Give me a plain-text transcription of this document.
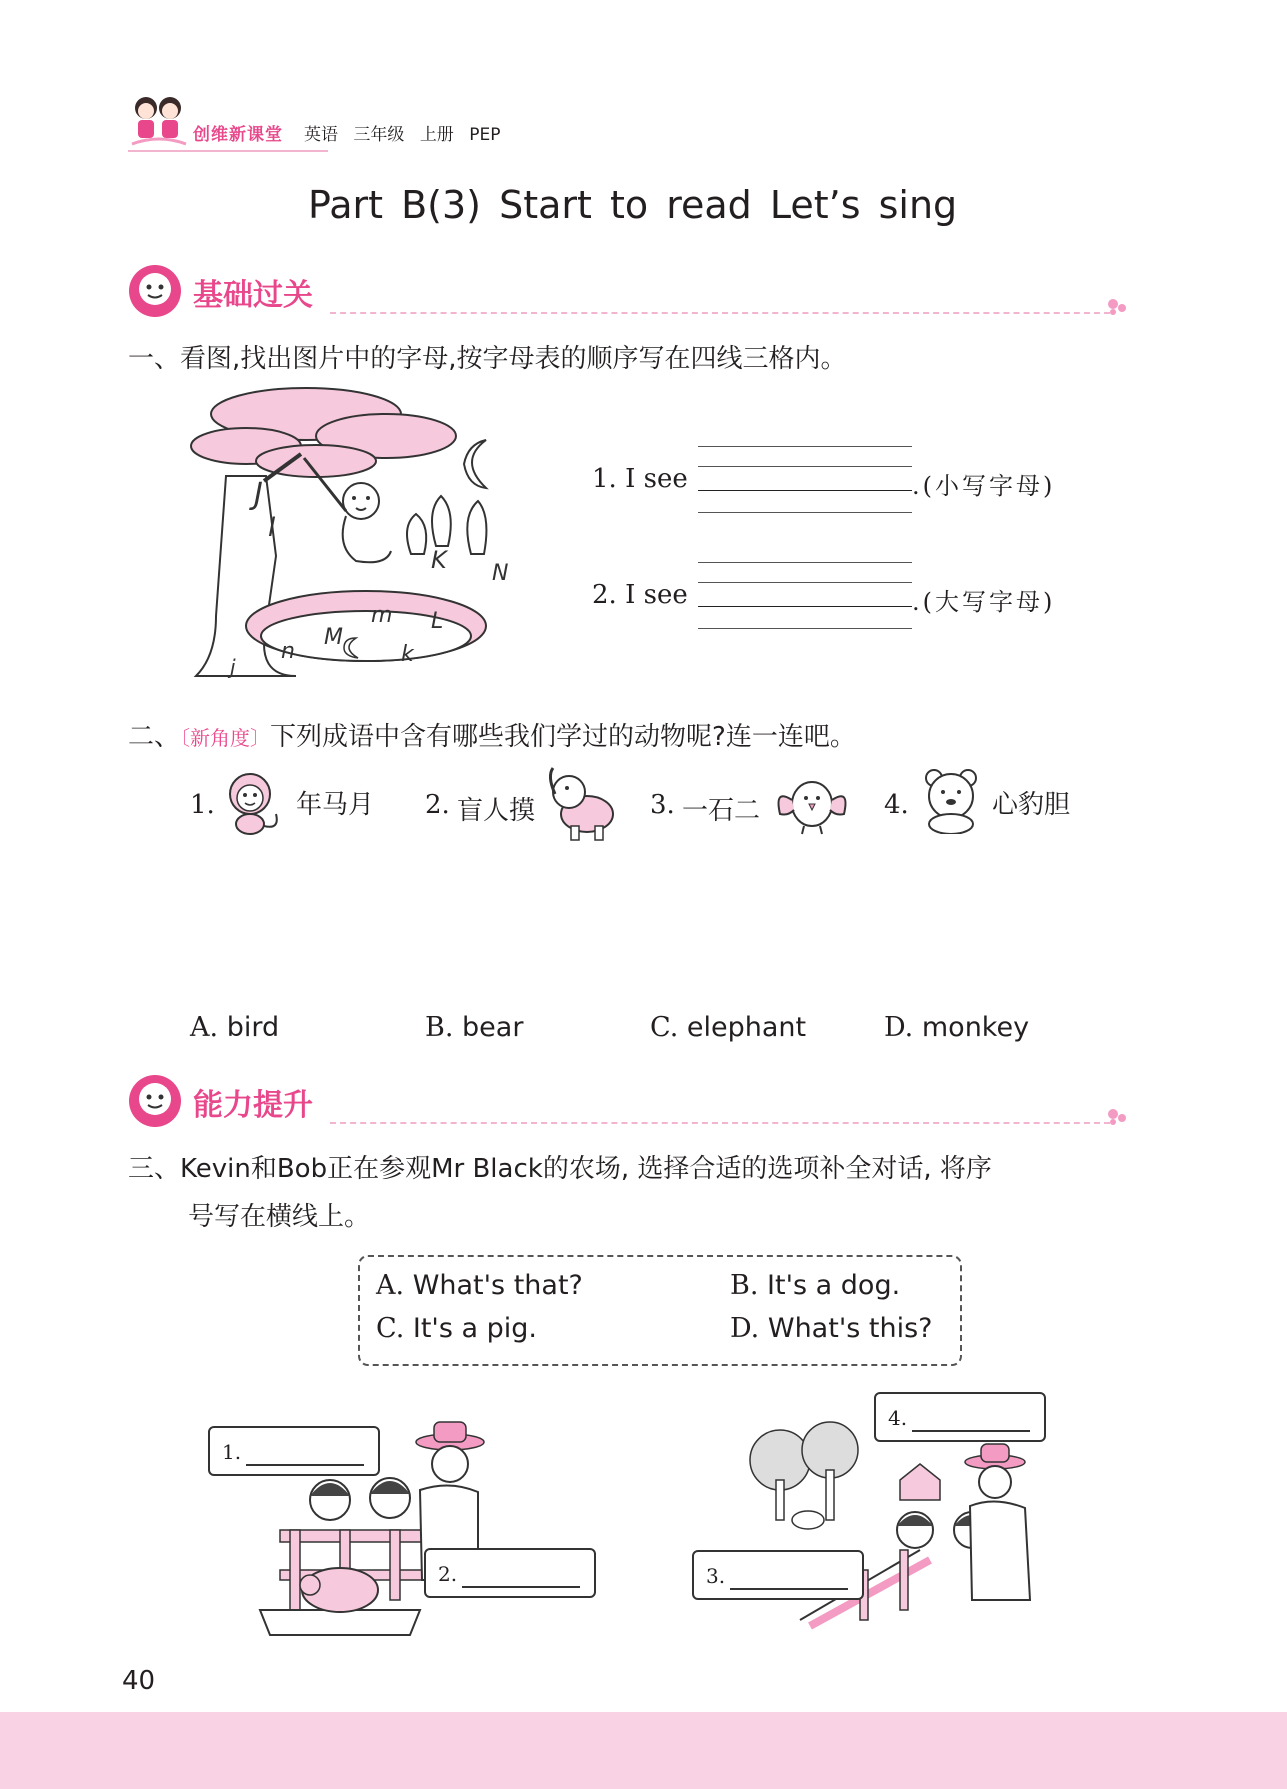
创维新课堂 英语 三年级 上册 PEP
Part B(3) Start to read Let’s sing
基础过关
一、看图,找出图片中的字母,按字母表的顺序写在四线三格内。
J
l
K N
m L
M
n	k
j
1. I see	.(小写字母)
2. I see	.(大写字母)
二、〔新角度〕下列成语中含有哪些我们学过的动物呢?连一连吧。
1.	年马月 2. 盲人摸	3. 一石二	4.	心豹胆
A. bird	B. bear	C. elephant	D. monkey
能力提升
三、Kevin和Bob正在参观Mr Black的农场, 选择合适的选项补全对话, 将序
号写在横线上。
A. What's that?	B. It's a dog.
C. It's a pig.	D. What's this?
1.
2.
4.
3.
40
